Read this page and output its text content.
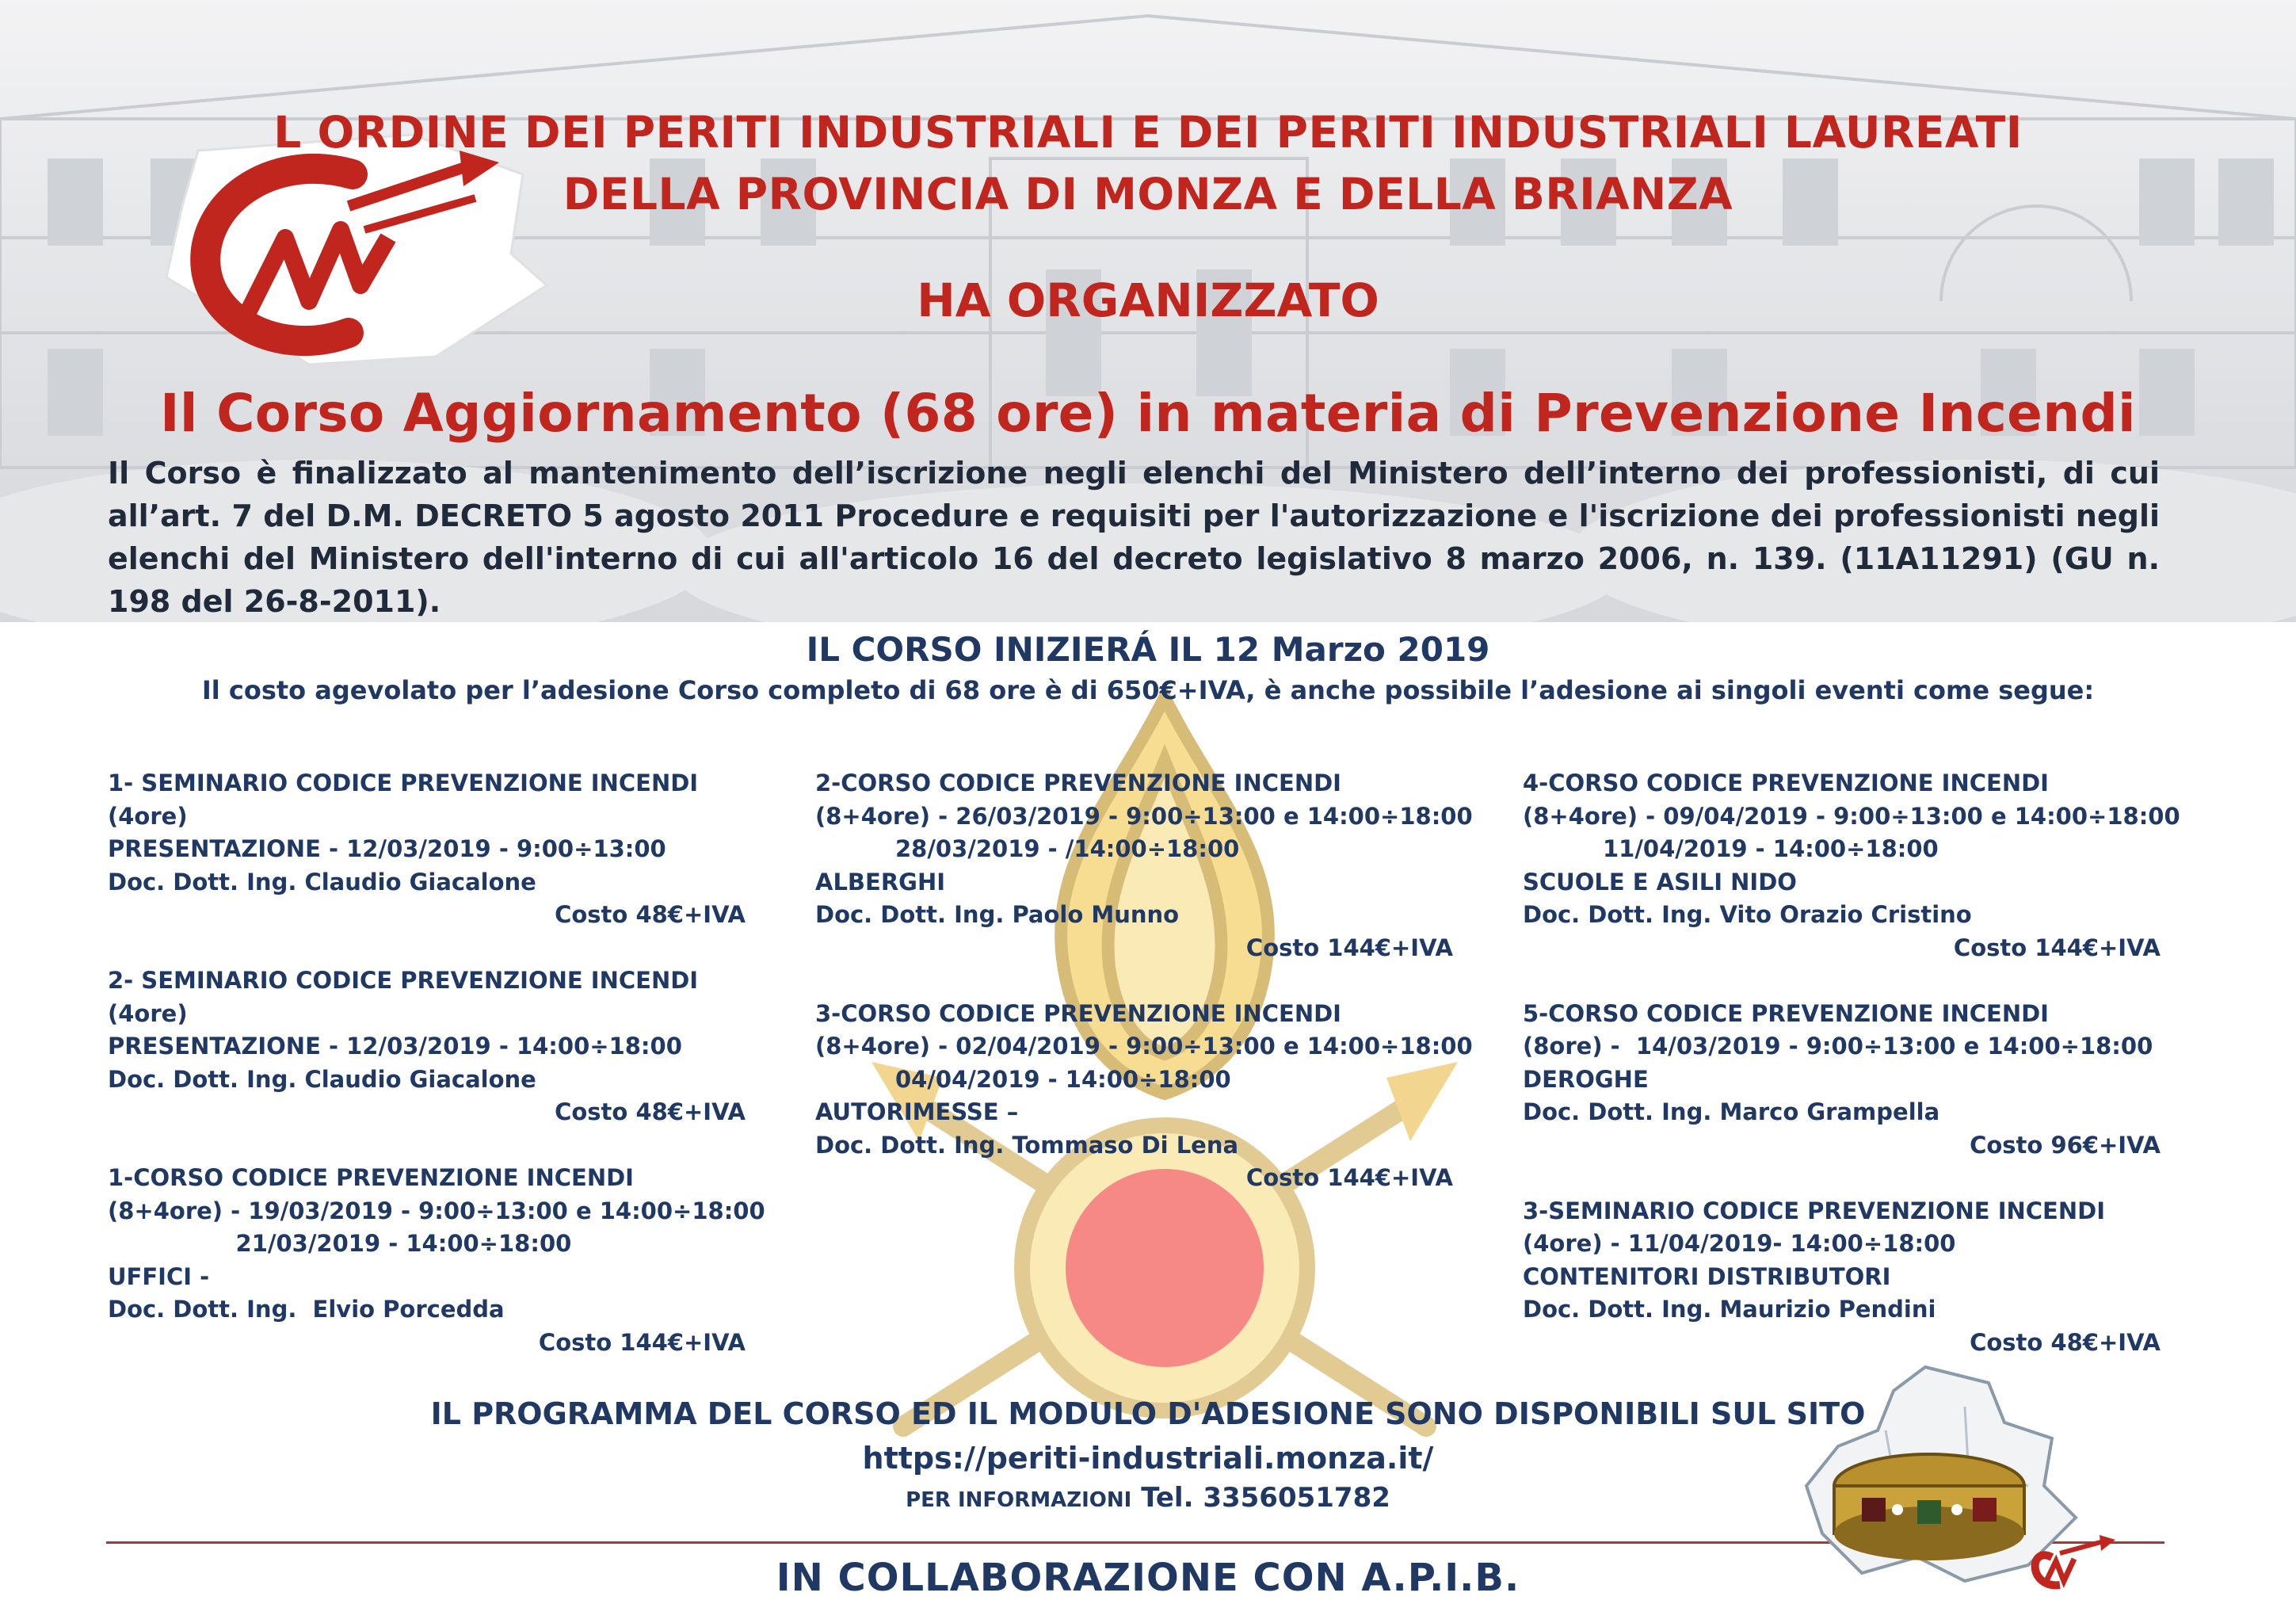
L ORDINE DEI PERITI INDUSTRIALI E DEI PERITI INDUSTRIALI LAUREATI
DELLA PROVINCIA DI MONZA E DELLA BRIANZA
HA ORGANIZZATO
Il Corso Aggiornamento (68 ore) in materia di Prevenzione Incendi
Il Corso è finalizzato al mantenimento dell’iscrizione negli elenchi del Ministero dell’interno dei professionisti, di cui all’art. 7 del D.M. DECRETO 5 agosto 2011 Procedure e requisiti per l'autorizzazione e l'iscrizione dei professionisti negli elenchi del Ministero dell'interno di cui all'articolo 16 del decreto legislativo 8 marzo 2006, n. 139. (11A11291) (GU n. 198 del 26-8-2011).
IL CORSO INIZIERÁ IL 12 Marzo 2019
Il costo agevolato per l’adesione Corso completo di 68 ore è di 650€+IVA, è anche possibile l’adesione ai singoli eventi come segue:
1- SEMINARIO CODICE PREVENZIONE INCENDI
(4ore)
PRESENTAZIONE - 12/03/2019 - 9:00÷13:00
Doc. Dott. Ing. Claudio Giacalone
Costo 48€+IVA
2- SEMINARIO CODICE PREVENZIONE INCENDI
(4ore)
PRESENTAZIONE - 12/03/2019 - 14:00÷18:00
Doc. Dott. Ing. Claudio Giacalone
Costo 48€+IVA
1-CORSO CODICE PREVENZIONE INCENDI
(8+4ore) - 19/03/2019 - 9:00÷13:00 e 14:00÷18:00
21/03/2019 - 14:00÷18:00
UFFICI -
Doc. Dott. Ing.  Elvio Porcedda
Costo 144€+IVA
2-CORSO CODICE PREVENZIONE INCENDI
(8+4ore) - 26/03/2019 - 9:00÷13:00 e 14:00÷18:00
28/03/2019 - /14:00÷18:00
ALBERGHI
Doc. Dott. Ing. Paolo Munno
Costo 144€+IVA
3-CORSO CODICE PREVENZIONE INCENDI
(8+4ore) - 02/04/2019 - 9:00÷13:00 e 14:00÷18:00
04/04/2019 - 14:00÷18:00
AUTORIMESSE –
Doc. Dott. Ing. Tommaso Di Lena
Costo 144€+IVA
4-CORSO CODICE PREVENZIONE INCENDI
(8+4ore) - 09/04/2019 - 9:00÷13:00 e 14:00÷18:00
11/04/2019 - 14:00÷18:00
SCUOLE E ASILI NIDO
Doc. Dott. Ing. Vito Orazio Cristino
Costo 144€+IVA
5-CORSO CODICE PREVENZIONE INCENDI
(8ore) -  14/03/2019 - 9:00÷13:00 e 14:00÷18:00
DEROGHE
Doc. Dott. Ing. Marco Grampella
Costo 96€+IVA
3-SEMINARIO CODICE PREVENZIONE INCENDI
(4ore) - 11/04/2019- 14:00÷18:00
CONTENITORI DISTRIBUTORI
Doc. Dott. Ing. Maurizio Pendini
Costo 48€+IVA
IL PROGRAMMA DEL CORSO ED IL MODULO D'ADESIONE SONO DISPONIBILI SUL SITO
https://periti-industriali.monza.it/
PER INFORMAZIONI Tel. 3356051782
IN COLLABORAZIONE CON A.P.I.B.
